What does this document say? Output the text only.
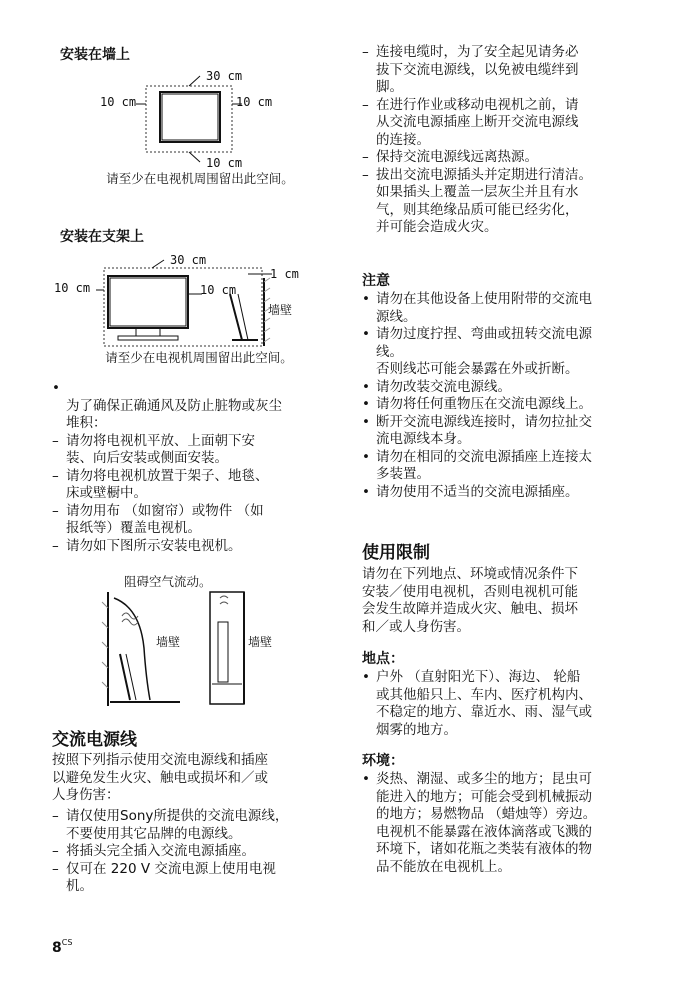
安装在墙上
30 cm
10 cm	10 cm
10 cm
请至少在电视机周围留出此空间。
安装在支架上
30 cm
10 cm	10 cm
1 cm
墙壁
请至少在电视机周围留出此空间。

•
为了确保正确通风及防止脏物或灰尘
堆积：

– 请勿将电视机平放、上面朝下安
装、向后安装或侧面安装。
– 请勿将电视机放置于架子、地毯、
床或壁橱中。
– 请勿用布 （如窗帘）或物件 （如
报纸等）覆盖电视机。
– 请勿如下图所示安装电视机。
阻碍空气流动。
墙壁	墙壁
交流电源线
按照下列指示使用交流电源线和插座
以避免发生火灾、触电或损坏和／或
人身伤害：
– 请仅使用Sony所提供的交流电源线，
不要使用其它品牌的电源线。
– 将插头完全插入交流电源插座。
– 仅可在 220 V 交流电源上使用电视
机。
– 连接电缆时，为了安全起见请务必
拔下交流电源线，以免被电缆绊到
脚。
– 在进行作业或移动电视机之前，请
从交流电源插座上断开交流电源线
的连接。
– 保持交流电源线远离热源。
– 拔出交流电源插头并定期进行清洁。
如果插头上覆盖一层灰尘并且有水
气，则其绝缘品质可能已经劣化，
并可能会造成火灾。
注意
• 请勿在其他设备上使用附带的交流电
源线。
• 请勿过度拧捏、弯曲或扭转交流电源
线。
否则线芯可能会暴露在外或折断。
• 请勿改装交流电源线。
• 请勿将任何重物压在交流电源线上。
• 断开交流电源线连接时，请勿拉扯交
流电源线本身。
• 请勿在相同的交流电源插座上连接太
多装置。
• 请勿使用不适当的交流电源插座。
使用限制
请勿在下列地点、环境或情况条件下
安装／使用电视机，否则电视机可能
会发生故障并造成火灾、触电、损坏
和／或人身伤害。
地点：
• 户外 （直射阳光下）、海边、 轮船
或其他船只上、车内、医疗机构内、
不稳定的地方、靠近水、雨、湿气或
烟雾的地方。
环境：
• 炎热、潮湿、或多尘的地方；昆虫可
能进入的地方；可能会受到机械振动
的地方；易燃物品 （蜡烛等）旁边。
电视机不能暴露在液体滴落或飞溅的
环境下，诸如花瓶之类装有液体的物
品不能放在电视机上。
$8^{CS}$
